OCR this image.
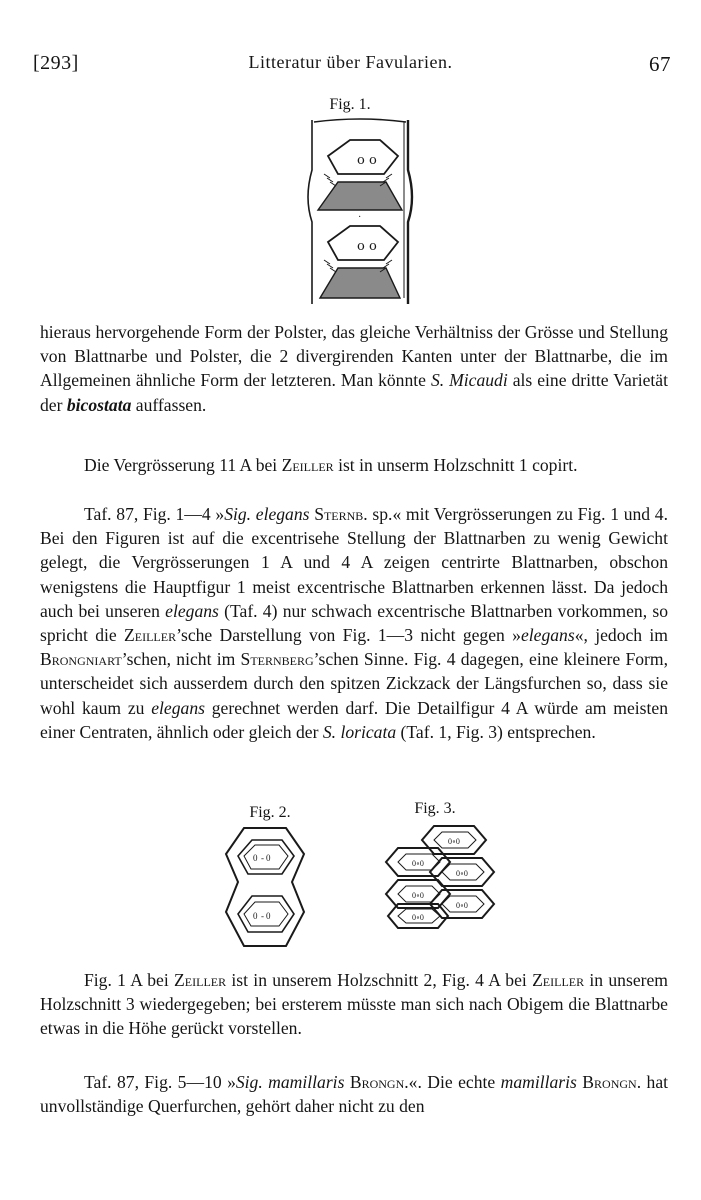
[293]	Litteratur über Favularien.	67
Fig. 1.
o o
·
o o

hieraus hervorgehende Form der Polster, das gleiche Verhältniss der Grösse und Stellung von Blattnarbe und Polster, die 2 divergirenden Kanten unter der Blattnarbe, die im Allgemeinen ähnliche Form der letzteren. Man könnte S. Micaudi als eine dritte Varietät der bicostata auffassen.

Die Vergrösserung 11 A bei Zeiller ist in unserm Holzschnitt 1 copirt.

Taf. 87, Fig. 1—4 »Sig. elegans Sternb. sp.« mit Vergrösserungen zu Fig. 1 und 4. Bei den Figuren ist auf die excentrisehe Stellung der Blattnarben zu wenig Gewicht gelegt, die Vergrösserungen 1 A und 4 A zeigen centrirte Blattnarben, obschon wenigstens die Hauptfigur 1 meist excentrische Blattnarben erkennen lässt. Da jedoch auch bei unseren elegans (Taf. 4) nur schwach excentrische Blattnarben vorkommen, so spricht die Zeiller’sche Darstellung von Fig. 1—3 nicht gegen »elegans«, jedoch im Brongniart’schen, nicht im Sternberg’schen Sinne. Fig. 4 dagegen, eine kleinere Form, unterscheidet sich ausserdem durch den spitzen Zickzack der Längsfurchen so, dass sie wohl kaum zu elegans gerechnet werden darf. Die Detailfigur 4 A würde am meisten einer Centraten, ähnlich oder gleich der S. loricata (Taf. 1, Fig. 3) entsprechen.

Fig. 2.
0 - 0
0 - 0
Fig. 3.
0∘0
0∘0
0∘0
0∘0
0∘0
0∘0

Fig. 1 A bei Zeiller ist in unserem Holzschnitt 2, Fig. 4 A bei Zeiller in unserem Holzschnitt 3 wiedergegeben; bei ersterem müsste man sich nach Obigem die Blattnarbe etwas in die Höhe gerückt vorstellen.

Taf. 87, Fig. 5—10 »Sig. mamillaris Brongn.«. Die echte mamillaris Brongn. hat unvollständige Querfurchen, gehört daher nicht zu den
